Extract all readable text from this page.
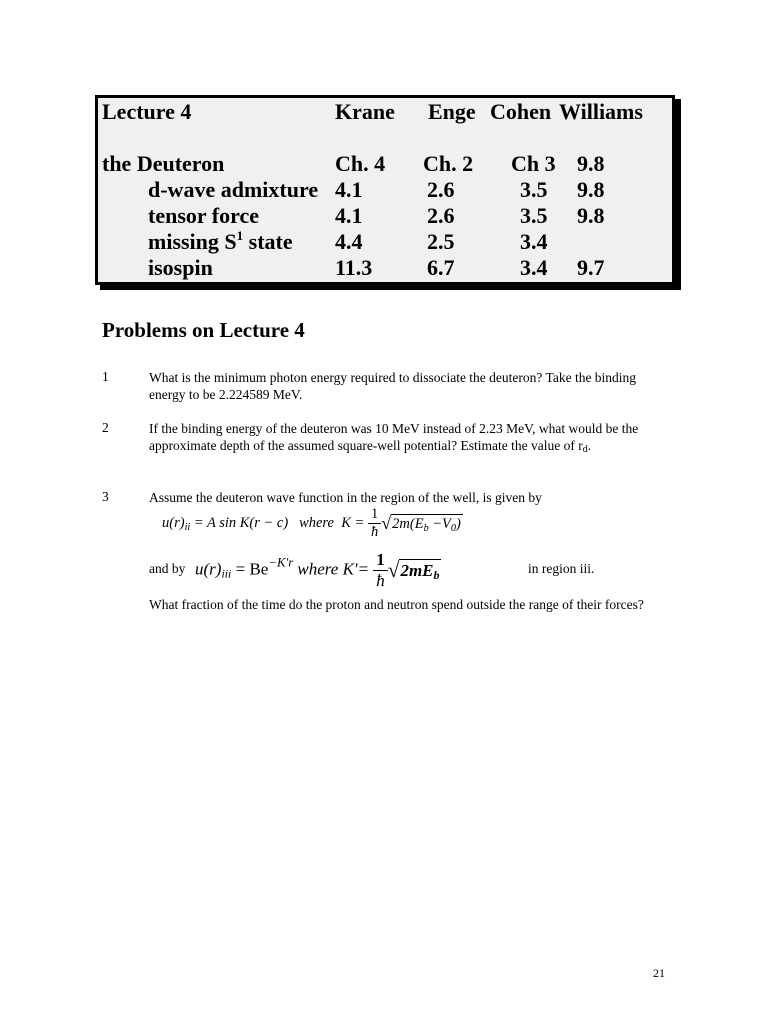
Lecture 4	Krane Enge Cohen Williams
the Deuteron	Ch. 4 Ch. 2 Ch 3 9.8
d-wave admixture 4.1	2.6	3.5 9.8
tensor force	4.1	2.6	3.5 9.8
missing $S^1$ state 4.4	2.5	3.4
isospin	11.3 6.7	3.4 9.7
Problems on Lecture 4
1	What is the minimum photon energy required to dissociate the deuteron? Take the binding energy to be 2.224589 MeV.
2	If the binding energy of the deuteron was 10 MeV instead of 2.23 MeV, what would be the approximate depth of the assumed square-well potential? Estimate the value of $r_d$.
3	Assume the deuteron wave function in the region of the well, is given by
$u(r)_{ii} = A$ sin K(r − c) where $K = \frac{1}{ħ} √2m(E_b -V_0)$
and by $u(r)iii = Be^{-K'r}$ where $K'= \frac{1}{ħ} √2mEb$	in region iii.
What fraction of the time do the proton and neutron spend outside the range of their forces?
21
